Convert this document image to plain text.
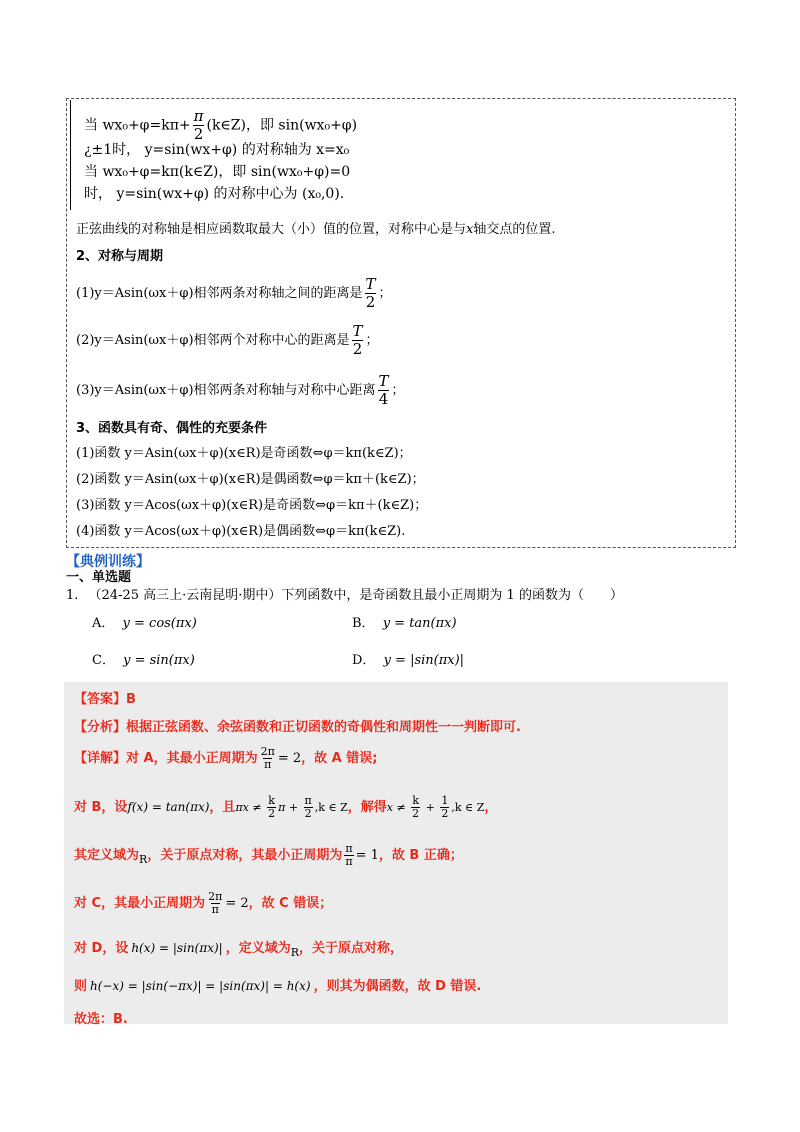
当 $wx_0+\varphi=k\pi+ \frac{\pi}{2}$ (k∈Z)，即 sin(wx₀+φ)
¿±1时， y=sin(wx+φ) 的对称轴为 x=x₀
当 wx₀+φ=kπ(k∈Z)，即 sin(wx₀+φ)=0
时， y=sin(wx+φ) 的对称中心为 (x₀,0).
正弦曲线的对称轴是相应函数取最大（小）值的位置，对称中心是与x轴交点的位置.
2、对称与周期
(1)y＝Asin(ωx＋φ)相邻两条对称轴之间的距离是 $\frac{T}{2}$ ；
(2)y＝Asin(ωx＋φ)相邻两个对称中心的距离是 $\frac{T}{2}$ ；
(3)y＝Asin(ωx＋φ)相邻两条对称轴与对称中心距离 $\frac{T}{4}$ ；
3、函数具有奇、偶性的充要条件
(1)函数 y＝Asin(ωx＋φ)(x∈R)是奇函数⇔φ＝kπ(k∈Z)；
(2)函数 y＝Asin(ωx＋φ)(x∈R)是偶函数⇔φ＝kπ＋(k∈Z)；
(3)函数 y＝Acos(ωx＋φ)(x∈R)是奇函数⇔φ＝kπ＋(k∈Z)；
(4)函数 y＝Acos(ωx＋φ)(x∈R)是偶函数⇔φ＝kπ(k∈Z).
【典例训练】
一、单选题
1. （24-25 高三上·云南昆明·期中）下列函数中，是奇函数且最小正周期为 1 的函数为（　　）
A． y = cos(πx)	B． y = tan(πx)
C． y = sin(πx)	D． y = |sin(πx)|
【答案】B
【分析】根据正弦函数、余弦函数和正切函数的奇偶性和周期性一一判断即可.
【详解】对 A，其最小正周期为 $\frac{2\pi}{\pi} = 2$，故 A 错误;
对 B，设f(x) = tan(πx)，且$\pi x \ne \frac{k}{2}$ $\pi + \frac{\pi}{2} ,k$ ∈ Z，解得$x \ne \frac{k}{2} + \frac{1}{2} ,k$ ∈ Z，
其定义域为$_R$，关于原点对称，其最小正周期为 $\frac{\pi}{\pi} = 1$，故 B 正确；
对 C，其最小正周期为 $\frac{2\pi}{\pi} = 2$，故 C 错误；
对 D，设 h(x) = |sin(πx)| ，定义域为$_R$，关于原点对称，
则 h(−x) = |sin(−πx)| = |sin(πx)| = h(x) ，则其为偶函数，故 D 错误.
故选：B.
